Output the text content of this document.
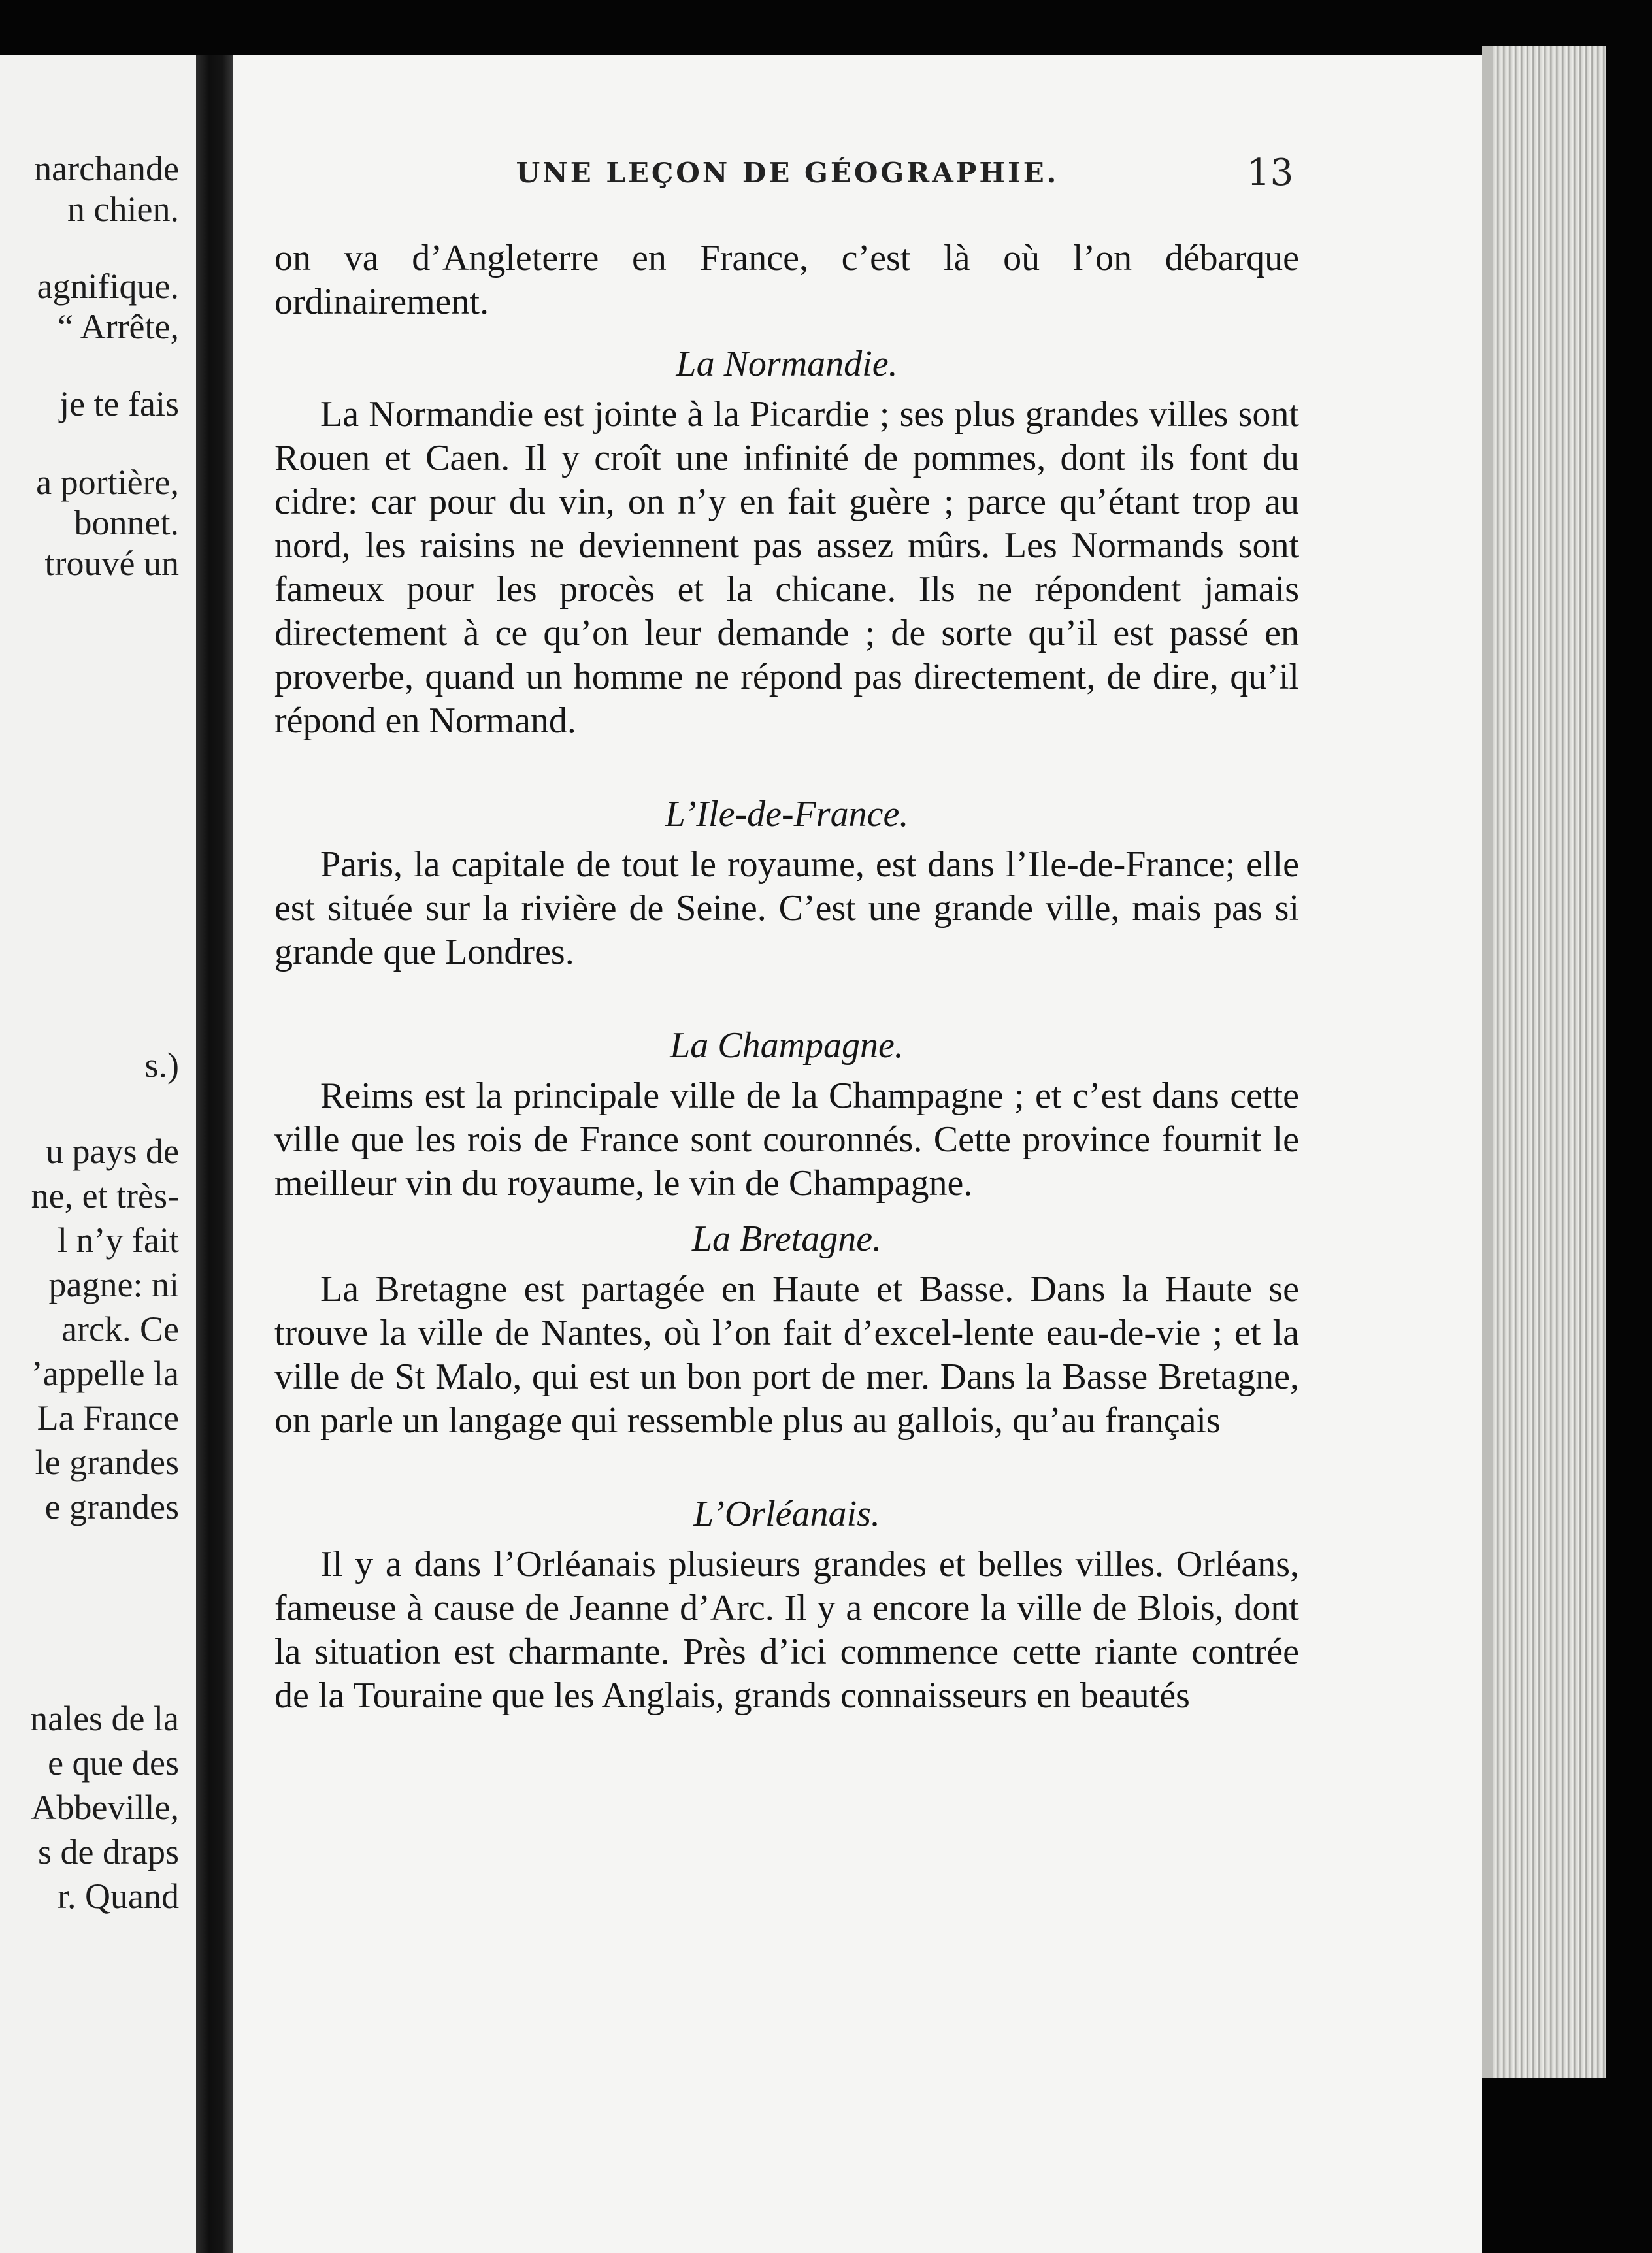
narchande
n chien.
agnifique.
“ Arrête,
je te fais
a portière,
bonnet.
trouvé un
s.)
u pays de
ne, et très-
l n’y fait
pagne: ni
arck. Ce
’appelle la
La France
le grandes
e grandes
nales de la
e que des
Abbeville,
s de draps
r. Quand
UNE LEÇON DE GÉOGRAPHIE.	13

on va d’Angleterre en France, c’est là où l’on débarque ordinairement.

La Normandie.

La Normandie est jointe à la Picardie ; ses plus grandes villes sont Rouen et Caen. Il y croît une infinité de pommes, dont ils font du cidre: car pour du vin, on n’y en fait guère ; parce qu’étant trop au nord, les raisins ne deviennent pas assez mûrs. Les Normands sont fameux pour les procès et la chicane. Ils ne répondent jamais directement à ce qu’on leur demande ; de sorte qu’il est passé en proverbe, quand un homme ne répond pas directement, de dire, qu’il répond en Normand.

L’Ile-de-France.

Paris, la capitale de tout le royaume, est dans l’Ile-de-France; elle est située sur la rivière de Seine. C’est une grande ville, mais pas si grande que Londres.

La Champagne.

Reims est la principale ville de la Champagne ; et c’est dans cette ville que les rois de France sont couronnés. Cette province fournit le meilleur vin du royaume, le vin de Champagne.

La Bretagne.

La Bretagne est partagée en Haute et Basse. Dans la Haute se trouve la ville de Nantes, où l’on fait d’excel-lente eau-de-vie ; et la ville de St Malo, qui est un bon port de mer. Dans la Basse Bretagne, on parle un langage qui ressemble plus au gallois, qu’au français

L’Orléanais.

Il y a dans l’Orléanais plusieurs grandes et belles villes. Orléans, fameuse à cause de Jeanne d’Arc. Il y a encore la ville de Blois, dont la situation est charmante. Près d’ici commence cette riante contrée de la Touraine que les Anglais, grands connaisseurs en beautés
